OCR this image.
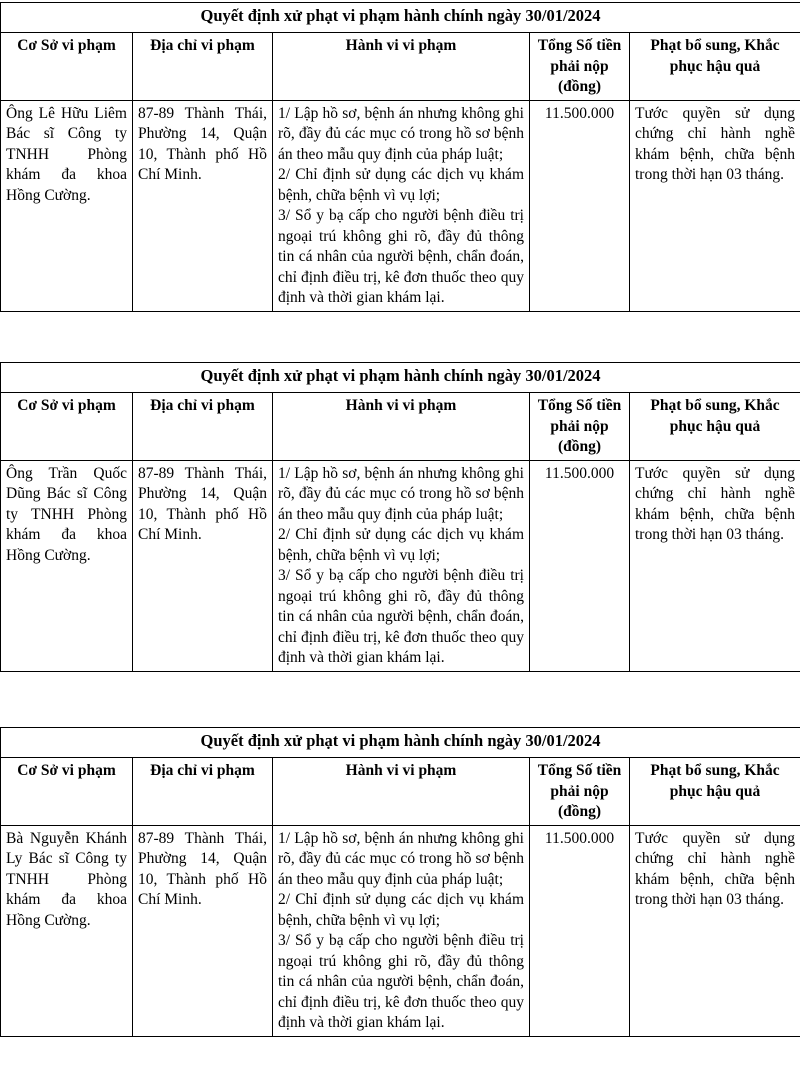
Quyết định xử phạt vi phạm hành chính ngày 30/01/2024				
Cơ Sở vi phạm	Địa chỉ vi phạm	Hành vi vi phạm	Tổng Số tiền phải nộp (đồng)	Phạt bổ sung, Khắc phục hậu quả
Ông Lê Hữu Liêm Bác sĩ Công ty TNHH Phòng khám đa khoa Hồng Cường.	87-89 Thành Thái, Phường 14, Quận 10, Thành phố Hồ Chí Minh.	1/ Lập hồ sơ, bệnh án nhưng không ghi rõ, đầy đủ các mục có trong hồ sơ bệnh án theo mẫu quy định của pháp luật;
2/ Chỉ định sử dụng các dịch vụ khám bệnh, chữa bệnh vì vụ lợi;
3/ Sổ y bạ cấp cho người bệnh điều trị ngoại trú không ghi rõ, đầy đủ thông tin cá nhân của người bệnh, chẩn đoán, chỉ định điều trị, kê đơn thuốc theo quy định và thời gian khám lại.	11.500.000	Tước quyền sử dụng chứng chỉ hành nghề khám bệnh, chữa bệnh trong thời hạn 03 tháng.
Quyết định xử phạt vi phạm hành chính ngày 30/01/2024				
Cơ Sở vi phạm	Địa chỉ vi phạm	Hành vi vi phạm	Tổng Số tiền phải nộp (đồng)	Phạt bổ sung, Khắc phục hậu quả
Ông Trần Quốc Dũng Bác sĩ Công ty TNHH Phòng khám đa khoa Hồng Cường.	87-89 Thành Thái, Phường 14, Quận 10, Thành phố Hồ Chí Minh.	1/ Lập hồ sơ, bệnh án nhưng không ghi rõ, đầy đủ các mục có trong hồ sơ bệnh án theo mẫu quy định của pháp luật;
2/ Chỉ định sử dụng các dịch vụ khám bệnh, chữa bệnh vì vụ lợi;
3/ Sổ y bạ cấp cho người bệnh điều trị ngoại trú không ghi rõ, đầy đủ thông tin cá nhân của người bệnh, chẩn đoán, chỉ định điều trị, kê đơn thuốc theo quy định và thời gian khám lại.	11.500.000	Tước quyền sử dụng chứng chỉ hành nghề khám bệnh, chữa bệnh trong thời hạn 03 tháng.
Quyết định xử phạt vi phạm hành chính ngày 30/01/2024				
Cơ Sở vi phạm	Địa chỉ vi phạm	Hành vi vi phạm	Tổng Số tiền phải nộp (đồng)	Phạt bổ sung, Khắc phục hậu quả
Bà Nguyễn Khánh Ly Bác sĩ Công ty TNHH Phòng khám đa khoa Hồng Cường.	87-89 Thành Thái, Phường 14, Quận 10, Thành phố Hồ Chí Minh.	1/ Lập hồ sơ, bệnh án nhưng không ghi rõ, đầy đủ các mục có trong hồ sơ bệnh án theo mẫu quy định của pháp luật;
2/ Chỉ định sử dụng các dịch vụ khám bệnh, chữa bệnh vì vụ lợi;
3/ Sổ y bạ cấp cho người bệnh điều trị ngoại trú không ghi rõ, đầy đủ thông tin cá nhân của người bệnh, chẩn đoán, chỉ định điều trị, kê đơn thuốc theo quy định và thời gian khám lại.	11.500.000	Tước quyền sử dụng chứng chỉ hành nghề khám bệnh, chữa bệnh trong thời hạn 03 tháng.
